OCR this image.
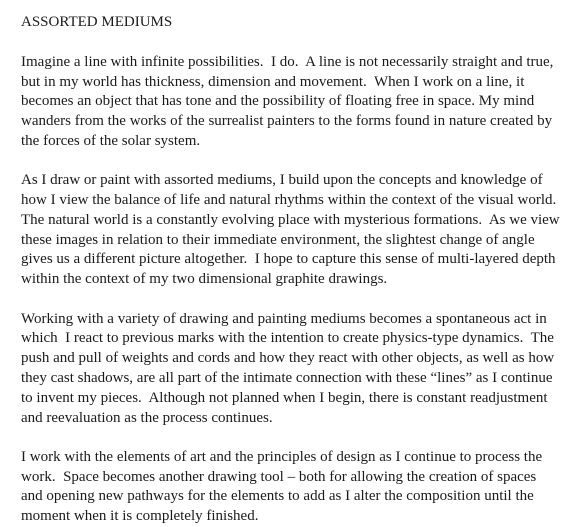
ASSORTED MEDIUMS
Imagine a line with infinite possibilities.  I do.  A line is not necessarily straight and true,
but in my world has thickness, dimension and movement.  When I work on a line, it
becomes an object that has tone and the possibility of floating free in space. My mind
wanders from the works of the surrealist painters to the forms found in nature created by
the forces of the solar system.
As I draw or paint with assorted mediums, I build upon the concepts and knowledge of
how I view the balance of life and natural rhythms within the context of the visual world.
The natural world is a constantly evolving place with mysterious formations.  As we view
these images in relation to their immediate environment, the slightest change of angle
gives us a different picture altogether.  I hope to capture this sense of multi-layered depth
within the context of my two dimensional graphite drawings.
Working with a variety of drawing and painting mediums becomes a spontaneous act in
which  I react to previous marks with the intention to create physics-type dynamics.  The
push and pull of weights and cords and how they react with other objects, as well as how
they cast shadows, are all part of the intimate connection with these “lines” as I continue
to invent my pieces.  Although not planned when I begin, there is constant readjustment
and reevaluation as the process continues.
I work with the elements of art and the principles of design as I continue to process the
work.  Space becomes another drawing tool – both for allowing the creation of spaces
and opening new pathways for the elements to add as I alter the composition until the
moment when it is completely finished.
